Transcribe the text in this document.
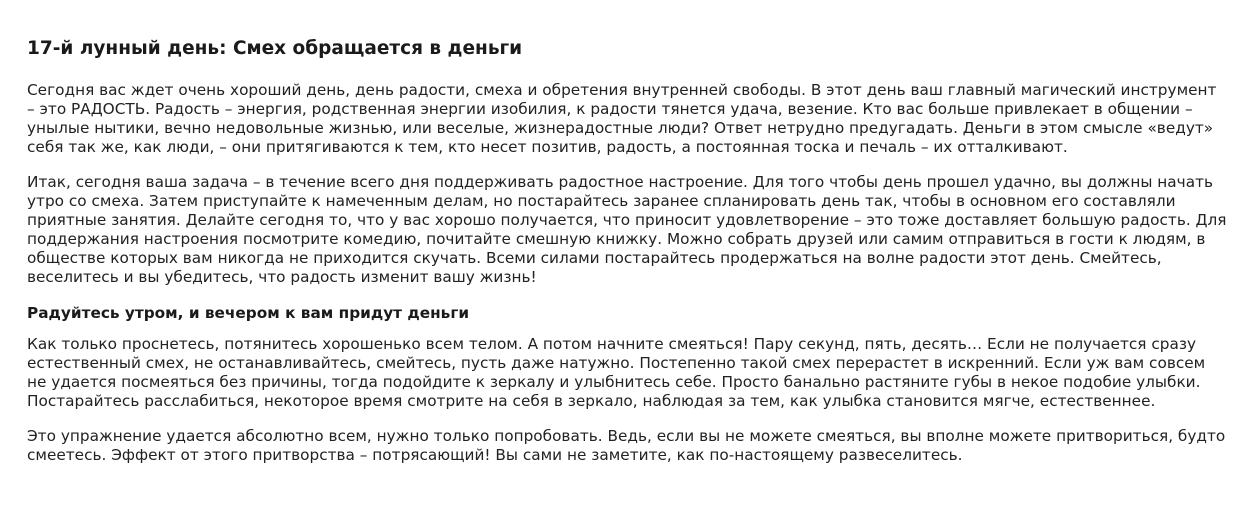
17-й лунный день: Смех обращается в деньги

Сегодня вас ждет очень хороший день, день радости, смеха и обретения внутренней свободы. В этот день ваш главный магический инструмент – это РАДОСТЬ. Радость – энергия, родственная энергии изобилия, к радости тянется удача, везение. Кто вас больше привлекает в общении – унылые нытики, вечно недовольные жизнью, или веселые, жизнерадостные люди? Ответ нетрудно предугадать. Деньги в этом смысле «ведут» себя так же, как люди, – они притягиваются к тем, кто несет позитив, радость, а постоянная тоска и печаль – их отталкивают.

Итак, сегодня ваша задача – в течение всего дня поддерживать радостное настроение. Для того чтобы день прошел удачно, вы должны начать утро со смеха. Затем приступайте к намеченным делам, но постарайтесь заранее спланировать день так, чтобы в основном его составляли приятные занятия. Делайте сегодня то, что у вас хорошо получается, что приносит удовлетворение – это тоже доставляет большую радость. Для поддержания настроения посмотрите комедию, почитайте смешную книжку. Можно собрать друзей или самим отправиться в гости к людям, в обществе которых вам никогда не приходится скучать. Всеми силами постарайтесь продержаться на волне радости этот день. Смейтесь, веселитесь и вы убедитесь, что радость изменит вашу жизнь!

Радуйтесь утром, и вечером к вам придут деньги

Как только проснетесь, потянитесь хорошенько всем телом. А потом начните смеяться! Пару секунд, пять, десять… Если не получается сразу естественный смех, не останавливайтесь, смейтесь, пусть даже натужно. Постепенно такой смех перерастет в искренний. Если уж вам совсем не удается посмеяться без причины, тогда подойдите к зеркалу и улыбнитесь себе. Просто банально растяните губы в некое подобие улыбки. Постарайтесь расслабиться, некоторое время смотрите на себя в зеркало, наблюдая за тем, как улыбка становится мягче, естественнее.

Это упражнение удается абсолютно всем, нужно только попробовать. Ведь, если вы не можете смеяться, вы вполне можете притвориться, будто смеетесь. Эффект от этого притворства – потрясающий! Вы сами не заметите, как по-настоящему развеселитесь.
